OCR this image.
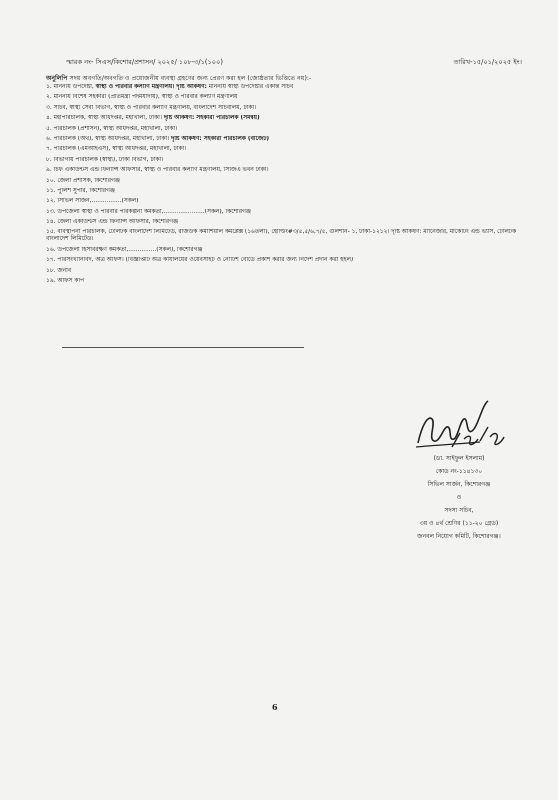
স্মারক নং- সিএস/কিশোর/প্রশাসন/ ২০২৫/ ১০৮-৩/১(১০০)	তারিখ-১৫/০১/২০২৫ ইং।
অনুলিপি সদয় অবগতি/অবগতি ও প্রয়োজনীয় ব্যবস্থা গ্রহণের জন্য প্রেরণ করা হল (জ্যেষ্ঠতার ভিত্তিতে নয়):-
১. মাননীয় উপদেষ্টা, স্বাস্থ্য ও পরিবার কল্যাণ মন্ত্রণালয়। দৃষ্টি আকর্ষণ: মাননীয় স্বাস্থ্য উপদেষ্টার একান্ত সচিব
২. মাননীয় বিশেষ সহকারী (প্রতিমন্ত্রী পদমর্যাদায়), স্বাস্থ্য ও পরিবার কল্যাণ মন্ত্রণালয়
৩. সচিব, স্বাস্থ্য সেবা বিভাগ, স্বাস্থ্য ও পরিবার কল্যাণ মন্ত্রণালয়, বাংলাদেশ সচিবালয়, ঢাকা।
৪. মহাপরিচালক, স্বাস্থ্য অধিদপ্তর, মহাখালী, ঢাকা। দৃষ্টি আকর্ষণ: সহকারী পরিচালক (সমন্বয়)
৫. পরিচালক (প্রশাসন), স্বাস্থ্য অধিদপ্তর, মহাখালী, ঢাকা।
৬. পরিচালক (অর্থ), স্বাস্থ্য অধিদপ্তর, মহাখালী, ঢাকা। দৃষ্টি আকর্ষণ: সহকারী পরিচালক (বাজেট)
৭. পরিচালক (এমআইএস), স্বাস্থ্য অধিদপ্তর, মহাখালী, ঢাকা।
৮. বিভাগীয় পরিচালক (স্বাস্থ্য), ঢাকা বিভাগ, ঢাকা।
৯. চিফ একাউন্টস এন্ড ফিন্যান্স অফিসার, স্বাস্থ্য ও পরিবার কল্যাণ মন্ত্রণালয়, সিজিএ ভবন ঢাকা।
১০. জেলা প্রশাসক, কিশোরগঞ্জ
১১. পুলিশ সুপার, কিশোরগঞ্জ
১২. সিভিল সার্জন,................(সকল)
১৩. উপজেলা স্বাস্থ্য ও পরিবার পরিকল্পনা কর্মকর্তা,......................(সকল), কিশোরগঞ্জ
১৪. জেলা একাউন্টস এন্ড ফিন্যান্স অফিসার, কিশোরগঞ্জ
১৫. ব্যবস্থাপনা পরিচালক, টেলিটক বাংলাদেশ লিমিটেড, রাজউক কমার্শিয়াল কমপ্লেক্স (১৬তলা), হোল্ডিং#৩/৫,৫/৬,৭/৫, গুলশান- ১, ঢাকা-১২১২। দৃষ্টি আকর্ষণ: ম্যানেজার, মার্কেটিং এন্ড ভ্যাস, টেলিটক বাংলাদেশ লিমিটেড।
১৬. উপজেলা হিসাবরক্ষণ কর্মকর্তা,...............(সকল), কিশোরগঞ্জ
১৭. পরিসংখ্যানবিদ, অত্র অফিস। (বিজ্ঞপ্তিটি অত্র কার্যালয়ের ওয়েবসাইট ও নোটিশ বোর্ডে প্রকাশ করার জন্য নির্দেশ প্রদান করা হইল)
১৮. জনাব
১৯. অফিস কপি
(ডা. সাইফুল ইসলাম)
কোড নং-১১৪১৩০
সিভিল সার্জন, কিশোরগঞ্জ
ও
সদস্য সচিব,
৩য় ও ৪র্থ শ্রেণির (১১-২০ গ্রেড)
জনবল নিয়োগ কমিটি, কিশোরগঞ্জ।
6
